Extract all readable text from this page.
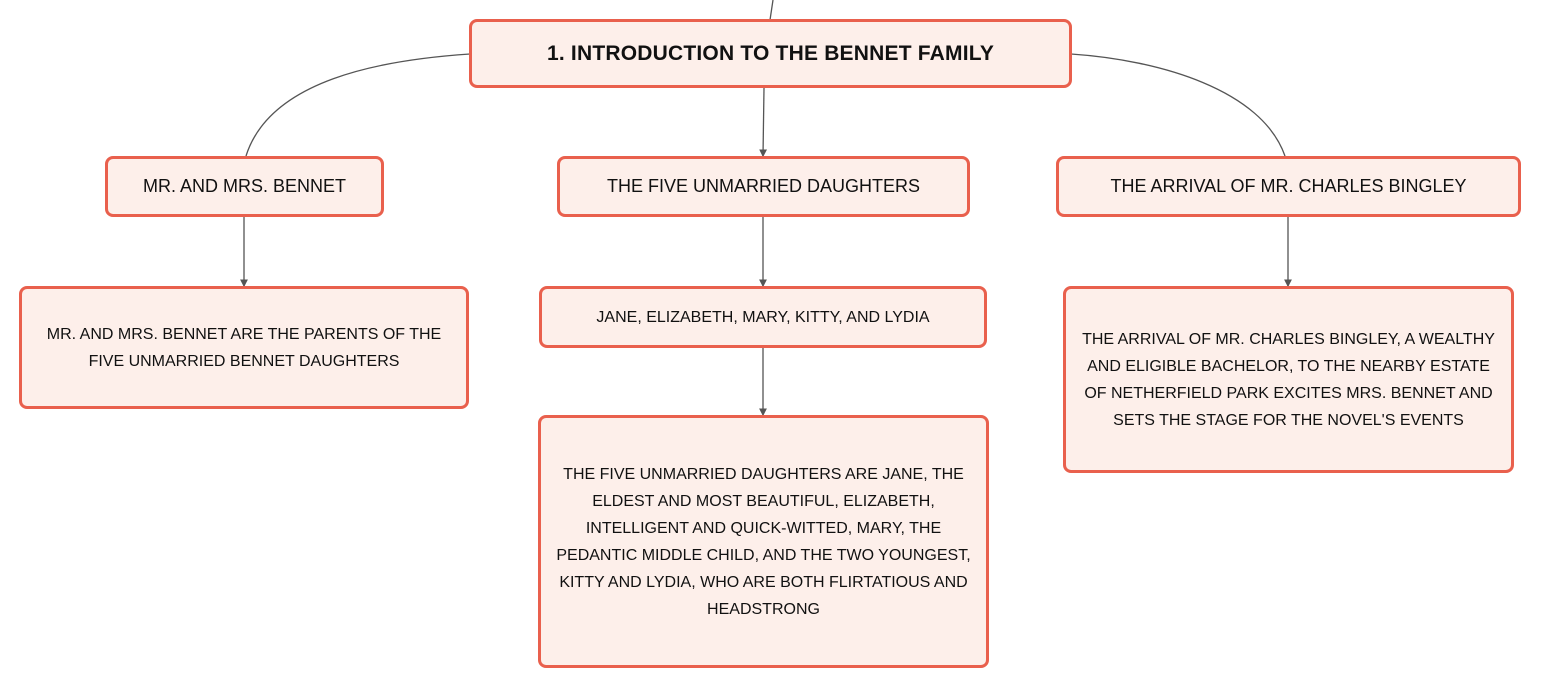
1. INTRODUCTION TO THE BENNET FAMILY
MR. AND MRS. BENNET	THE FIVE UNMARRIED DAUGHTERS	THE ARRIVAL OF MR. CHARLES BINGLEY
MR. AND MRS. BENNET ARE THE PARENTS OF THE FIVE UNMARRIED BENNET DAUGHTERS
JANE, ELIZABETH, MARY, KITTY, AND LYDIA
THE FIVE UNMARRIED DAUGHTERS ARE JANE, THE ELDEST AND MOST BEAUTIFUL, ELIZABETH, INTELLIGENT AND QUICK-WITTED, MARY, THE PEDANTIC MIDDLE CHILD, AND THE TWO YOUNGEST, KITTY AND LYDIA, WHO ARE BOTH FLIRTATIOUS AND HEADSTRONG
THE ARRIVAL OF MR. CHARLES BINGLEY, A WEALTHY AND ELIGIBLE BACHELOR, TO THE NEARBY ESTATE OF NETHERFIELD PARK EXCITES MRS. BENNET AND SETS THE STAGE FOR THE NOVEL'S EVENTS
